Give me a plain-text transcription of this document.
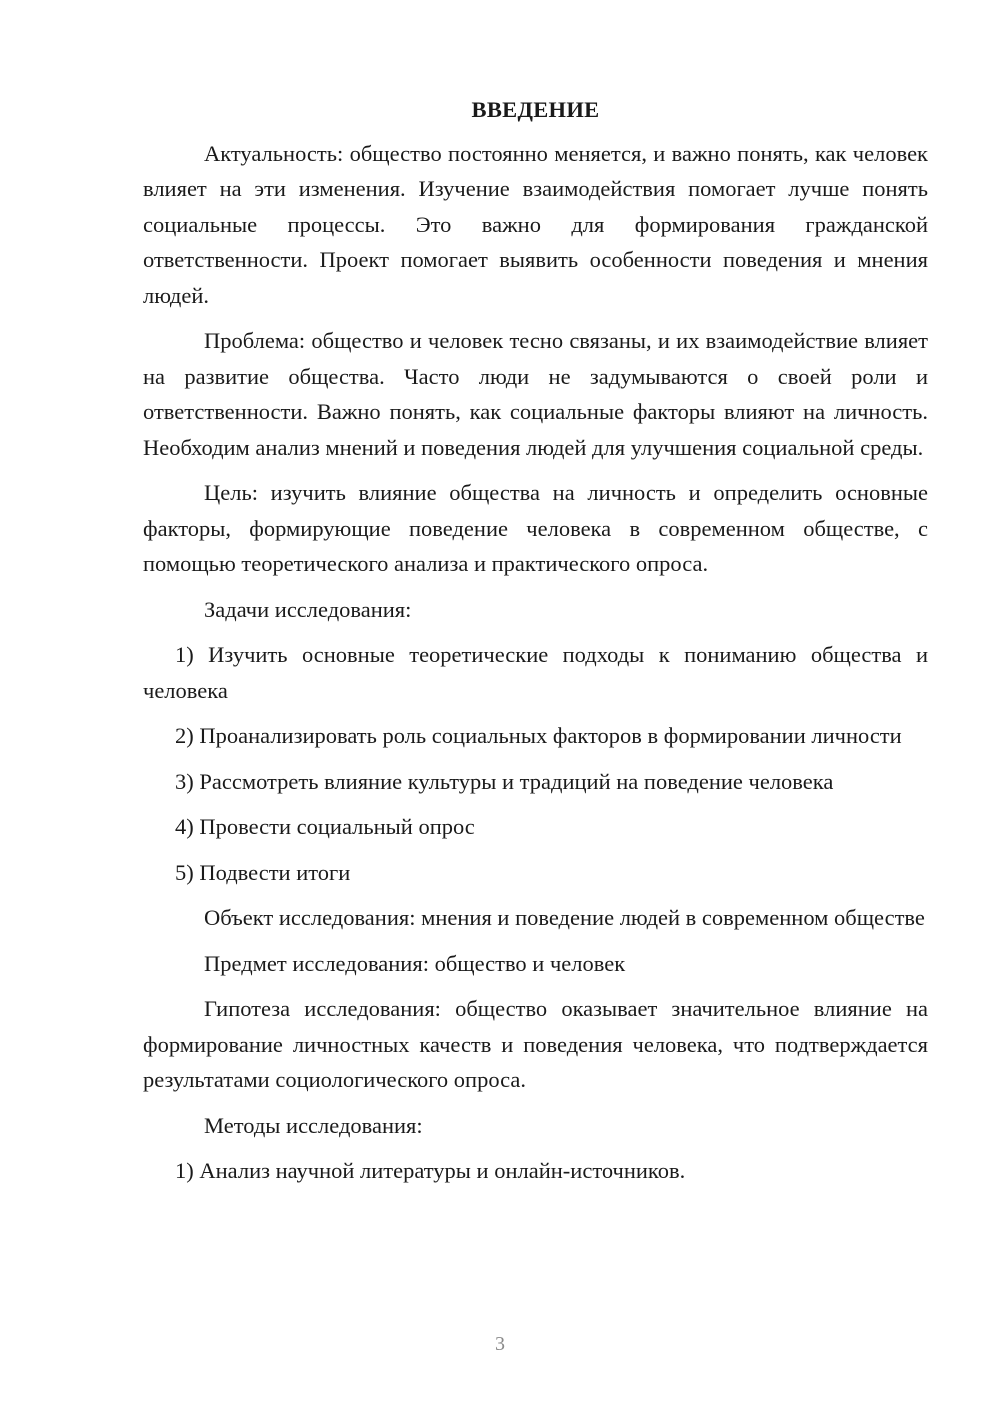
ВВЕДЕНИЕ

Актуальность: общество постоянно меняется, и важно понять, как человек влияет на эти изменения. Изучение взаимодействия помогает лучше понять социальные процессы. Это важно для формирования гражданской ответственности. Проект помогает выявить особенности поведения и мнения людей.

Проблема: общество и человек тесно связаны, и их взаимодействие влияет на развитие общества. Часто люди не задумываются о своей роли и ответственности. Важно понять, как социальные факторы влияют на личность. Необходим анализ мнений и поведения людей для улучшения социальной среды.

Цель: изучить влияние общества на личность и определить основные факторы, формирующие поведение человека в современном обществе, с помощью теоретического анализа и практического опроса.

Задачи исследования:

1) Изучить основные теоретические подходы к пониманию общества и человека

2) Проанализировать роль социальных факторов в формировании личности

3) Рассмотреть влияние культуры и традиций на поведение человека

4) Провести социальный опрос

5) Подвести итоги

Объект исследования: мнения и поведение людей в современном обществе

Предмет исследования: общество и человек

Гипотеза исследования: общество оказывает значительное влияние на формирование личностных качеств и поведения человека, что подтверждается результатами социологического опроса.

Методы исследования:

1) Анализ научной литературы и онлайн-источников.

3
